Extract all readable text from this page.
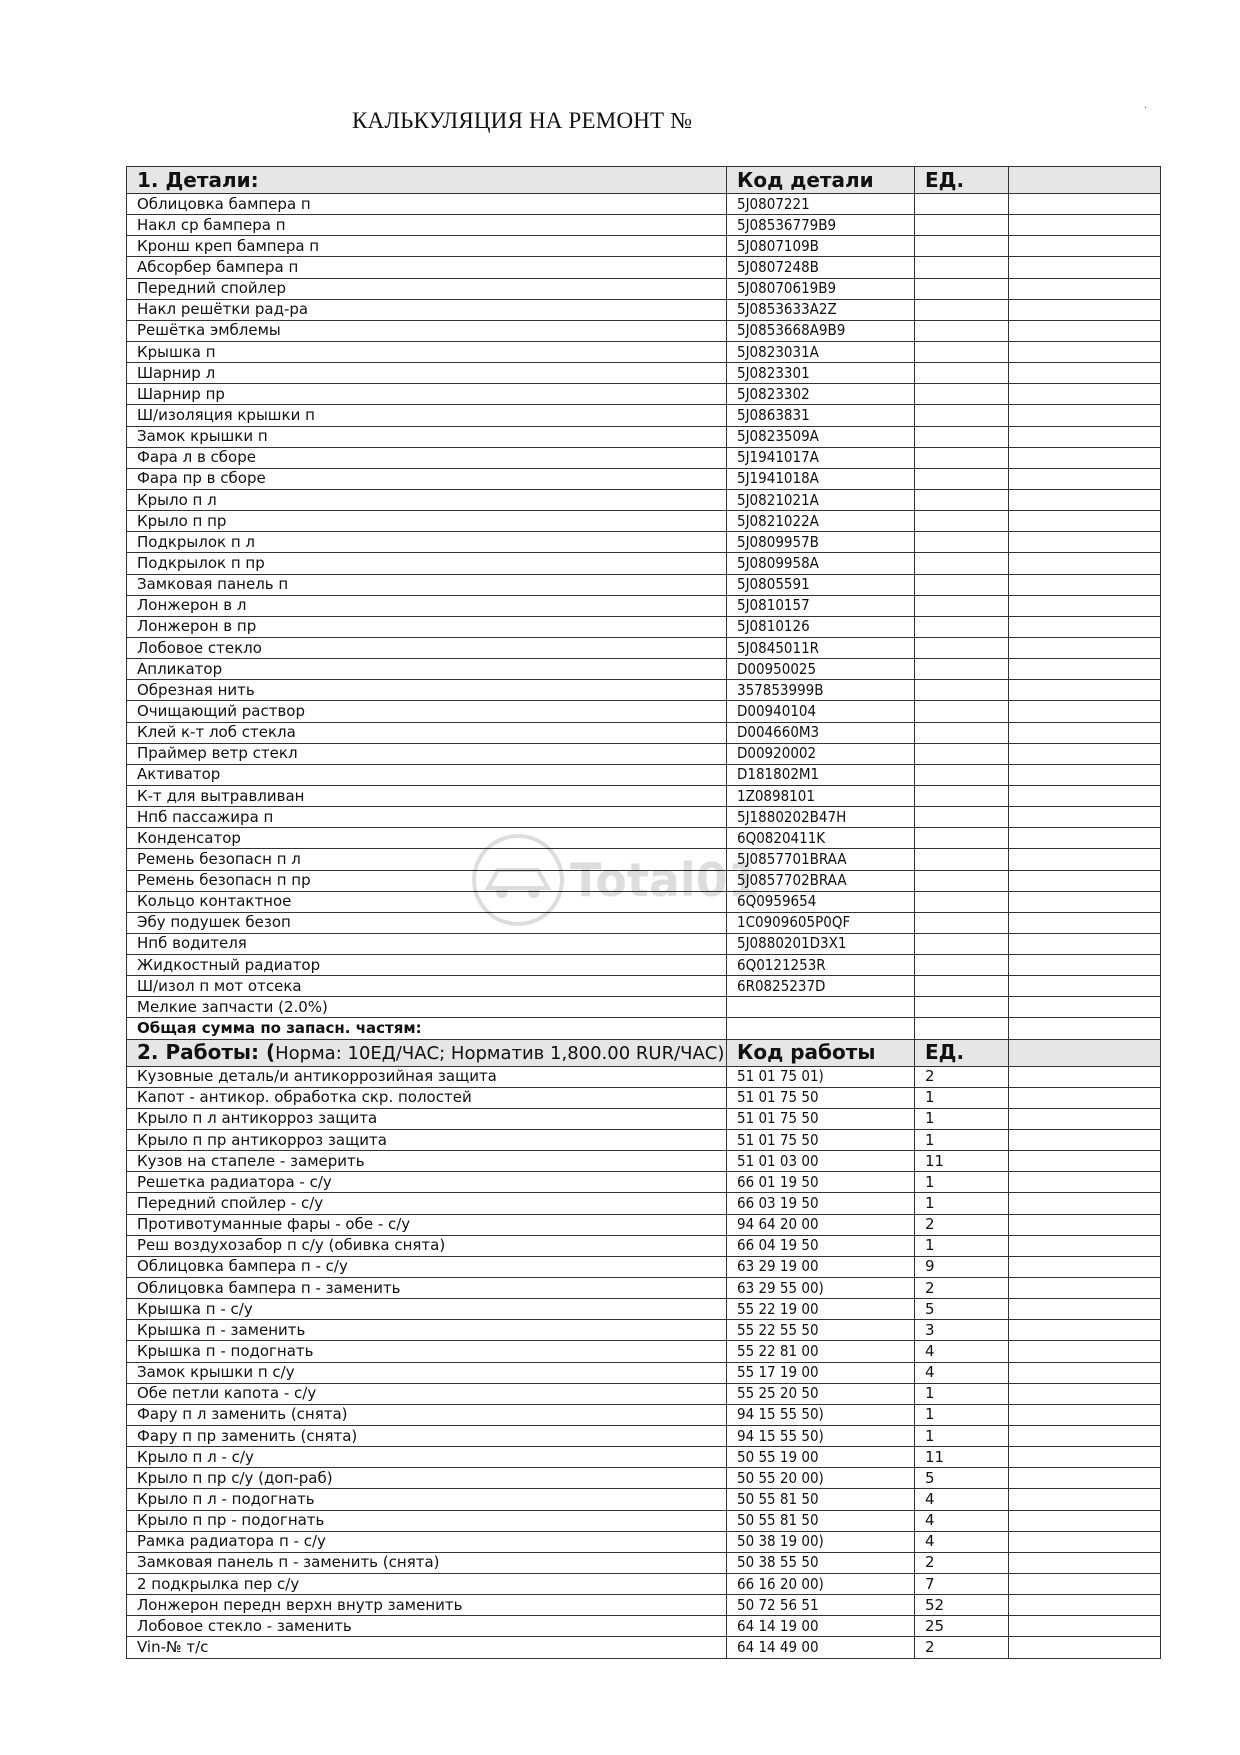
КАЛЬКУЛЯЦИЯ НА РЕМОНТ №
.
1. Детали:	Код детали	ЕД.	
Облицовка бампера п	5J0807221		
Накл ср бампера п	5J08536779B9		
Кронш креп бампера п	5J0807109B		
Абсорбер бампера п	5J0807248B		
Передний спойлер	5J08070619B9		
Накл решётки рад-ра	5J0853633A2Z		
Решётка эмблемы	5J0853668A9B9		
Крышка п	5J0823031A		
Шарнир л	5J0823301		
Шарнир пр	5J0823302		
Ш/изоляция крышки п	5J0863831		
Замок крышки п	5J0823509A		
Фара л в сборе	5J1941017A		
Фара пр в сборе	5J1941018A		
Крыло п л	5J0821021A		
Крыло п пр	5J0821022A		
Подкрылок п л	5J0809957B		
Подкрылок п пр	5J0809958A		
Замковая панель п	5J0805591		
Лонжерон в л	5J0810157		
Лонжерон в пр	5J0810126		
Лобовое стекло	5J0845011R		
Апликатор	D00950025		
Обрезная нить	357853999B		
Очищающий раствор	D00940104		
Клей к-т лоб стекла	D004660M3		
Праймер ветр стекл	D00920002		
Активатор	D181802M1		
К-т для вытравливан	1Z0898101		
Нпб пассажира п	5J1880202B47H		
Конденсатор	6Q0820411K		
Ремень безопасн п л	5J0857701BRAA		
Ремень безопасн п пр	5J0857702BRAA		
Кольцо контактное	6Q0959654		
Эбу подушек безоп	1C0909605P0QF		
Нпб водителя	5J0880201D3X1		
Жидкостный радиатор	6Q0121253R		
Ш/изол п мот отсека	6R0825237D		
Мелкие запчасти (2.0%)			
Общая сумма по запасн. частям:			
2. Работы: (Норма: 10ЕД/ЧАС; Норматив 1,800.00 RUR/ЧАС)	Код работы	ЕД.	
Кузовные деталь/и антикоррозийная защита	51 01 75 01)	2	
Капот - антикор. обработка скр. полостей	51 01 75 50	1	
Крыло п л антикорроз защита	51 01 75 50	1	
Крыло п пр антикорроз защита	51 01 75 50	1	
Кузов на стапеле - замерить	51 01 03 00	11	
Решетка радиатора - с/у	66 01 19 50	1	
Передний спойлер - с/у	66 03 19 50	1	
Противотуманные фары - обе - с/у	94 64 20 00	2	
Реш воздухозабор п с/у (обивка снята)	66 04 19 50	1	
Облицовка бампера п - с/у	63 29 19 00	9	
Облицовка бампера п - заменить	63 29 55 00)	2	
Крышка п - с/у	55 22 19 00	5	
Крышка п - заменить	55 22 55 50	3	
Крышка п - подогнать	55 22 81 00	4	
Замок крышки п с/у	55 17 19 00	4	
Обе петли капота - с/у	55 25 20 50	1	
Фару п л заменить (снята)	94 15 55 50)	1	
Фару п пр заменить (снята)	94 15 55 50)	1	
Крыло п л - с/у	50 55 19 00	11	
Крыло п пр с/у (доп-раб)	50 55 20 00)	5	
Крыло п л - подогнать	50 55 81 50	4	
Крыло п пр - подогнать	50 55 81 50	4	
Рамка радиатора п - с/у	50 38 19 00)	4	
Замковая панель п - заменить (снята)	50 38 55 50	2	
2 подкрылка пер с/у	66 16 20 00)	7	
Лонжерон передн верхн внутр заменить	50 72 56 51	52	
Лобовое стекло - заменить	64 14 19 00	25	
Vin-№ т/с	64 14 49 00	2	
Total01
